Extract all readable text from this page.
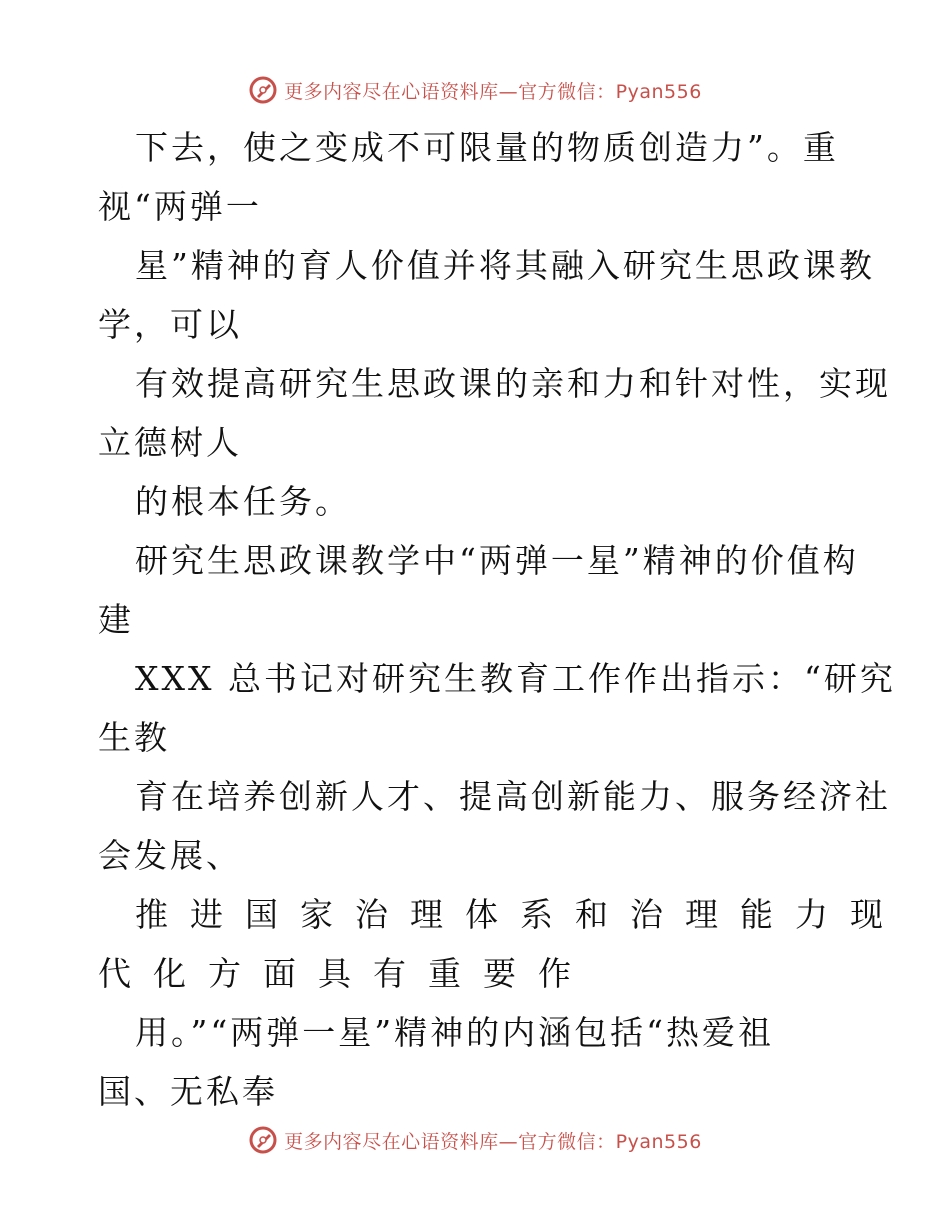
更多内容尽在心语资料库—官方微信：Pyan556
下去，使之变成不可限量的物质创造力”。重
视“两弹一
星”精神的育人价值并将其融入研究生思政课教
学，可以
有效提高研究生思政课的亲和力和针对性，实现
立德树人
的根本任务。
研究生思政课教学中“两弹一星”精神的价值构
建
XXX 总书记对研究生教育工作作出指示：“研究
生教
育在培养创新人才、提高创新能力、服务经济社
会发展、
推进国家治理体系和治理能力现
代化方面具有重要作
用。”“两弹一星”精神的内涵包括“热爱祖
国、无私奉
更多内容尽在心语资料库—官方微信：Pyan556
